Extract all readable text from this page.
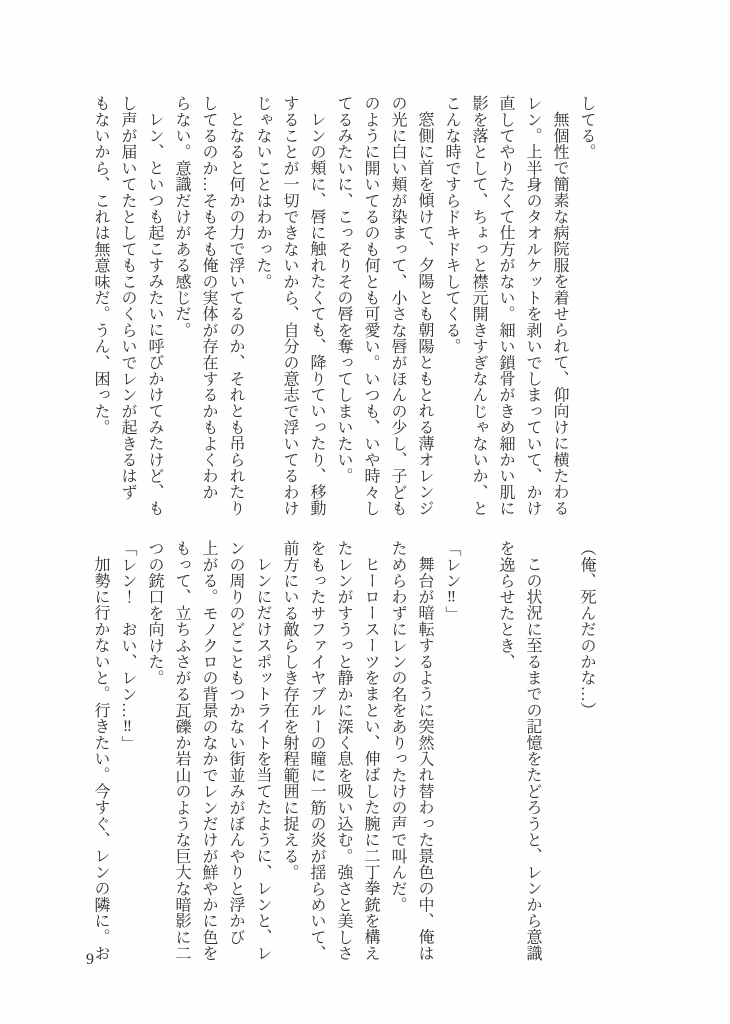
してる。
無個性で簡素な病院服を着せられて、仰向けに横たわる
レン。上半身のタオルケットを剥いでしまっていて、かけ
直してやりたくて仕方がない。細い鎖骨がきめ細かい肌に
影を落として、ちょっと襟元開きすぎなんじゃないか、と
こんな時ですらドキドキしてくる。
窓側に首を傾けて、夕陽とも朝陽ともとれる薄オレンジ
の光に白い頬が染まって、小さな唇がほんの少し、子ども
のように開いてるのも何とも可愛い。いつも、いや時々し
てるみたいに、こっそりその唇を奪ってしまいたい。
レンの頬に、唇に触れたくても、降りていったり、移動
することが一切できないから、自分の意志で浮いてるわけ
じゃないことはわかった。
となると何かの力で浮いてるのか、それとも吊られたり
してるのか…そもそも俺の実体が存在するかもよくわか
らない。意識だけがある感じだ。
レン、といつも起こすみたいに呼びかけてみたけど、も
し声が届いてたとしてもこのくらいでレンが起きるはず
もないから、これは無意味だ。うん、困った。
（俺、死んだのかな…）
この状況に至るまでの記憶をたどろうと、レンから意識
を逸らせたとき、
「レン‼」
舞台が暗転するように突然入れ替わった景色の中、俺は
ためらわずにレンの名をありったけの声で叫んだ。
ヒーロースーツをまとい、伸ばした腕に二丁拳銃を構え
たレンがすうっと静かに深く息を吸い込む。強さと美しさ
をもったサファイヤブルーの瞳に一筋の炎が揺らめいて、
前方にいる敵らしき存在を射程範囲に捉える。
レンにだけスポットライトを当てたように、レンと、レ
ンの周りのどこともつかない街並みがぼんやりと浮かび
上がる。モノクロの背景のなかでレンだけが鮮やかに色を
もって、立ちふさがる瓦礫か岩山のような巨大な暗影に二
つの銃口を向けた。
「レン！　おい、レン…‼」
加勢に行かないと。行きたい。今すぐ、レンの隣に。お
9
